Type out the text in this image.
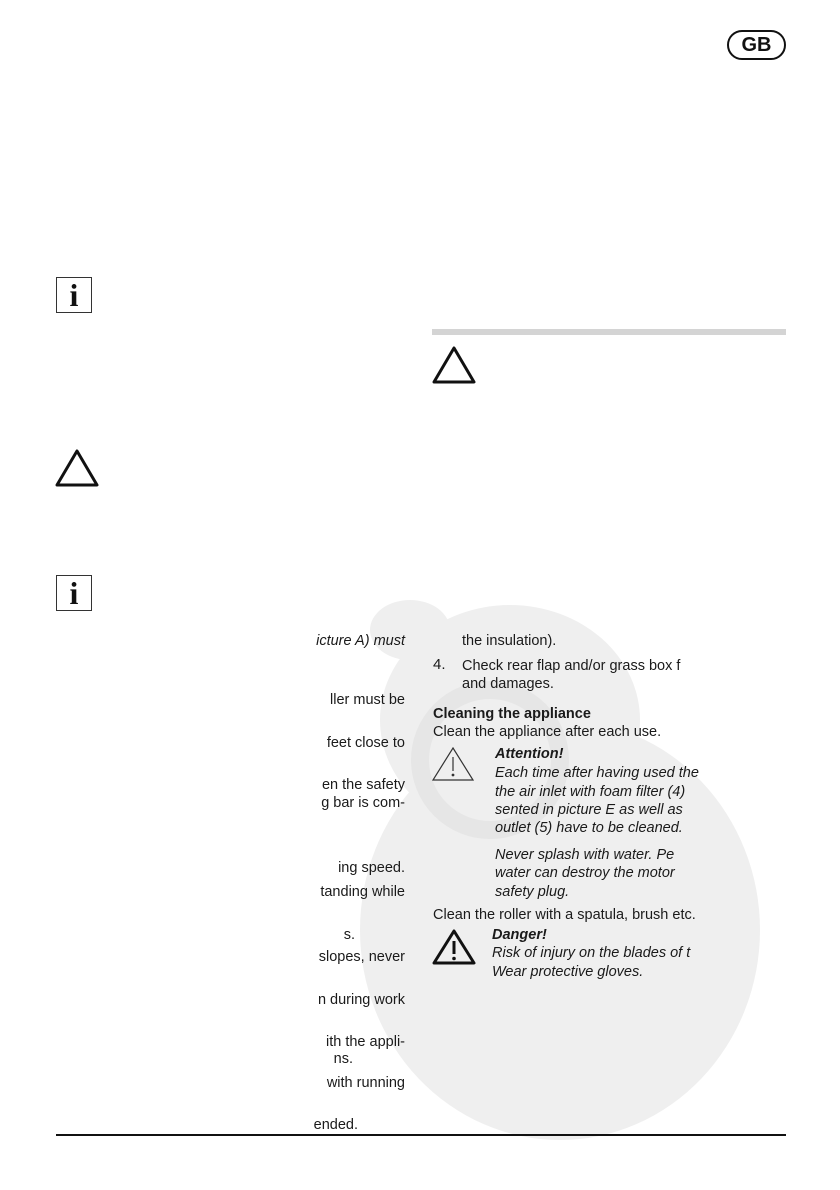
GB
i
i
icture A) must
ller must be
feet close to
en the safety
g bar is com-
ing speed.
tanding while
s.
slopes, never
n during work
ith the appli-
ns.
with running
ended.
the insulation).
4. Check rear flap and/or grass box f
and damages.
Cleaning the appliance
Clean the appliance after each use.
Attention!
Each time after having used the
the air inlet with foam filter (4)
sented in picture E as well as
outlet (5) have to be cleaned.
Never splash with water. Pe
water can destroy the motor
safety plug.
Clean the roller with a spatula, brush etc.
Danger!
Risk of injury on the blades of t
Wear protective gloves.
